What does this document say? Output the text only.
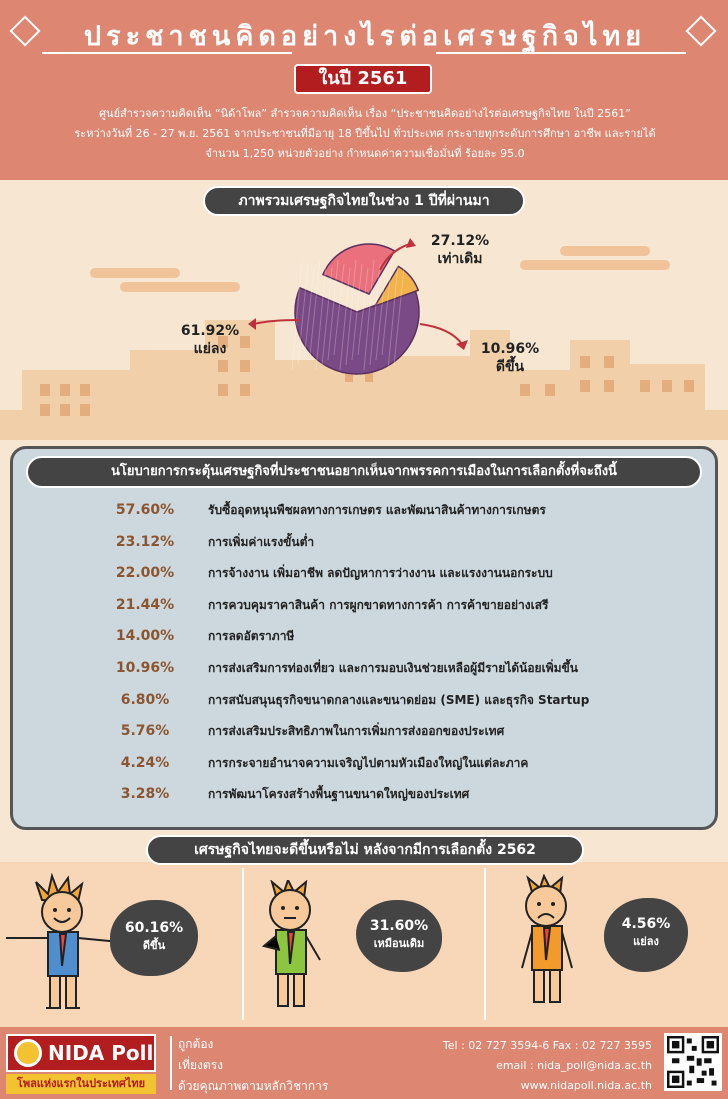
ประชาชนคิดอย่างไรต่อเศรษฐกิจไทย
ในปี 2561
ศูนย์สำรวจความคิดเห็น “นิด้าโพล” สำรวจความคิดเห็น เรื่อง “ประชาชนคิดอย่างไรต่อเศรษฐกิจไทย ในปี 2561”
ระหว่างวันที่ 26 - 27 พ.ย. 2561 จากประชาชนที่มีอายุ 18 ปีขึ้นไป ทั่วประเทศ กระจายทุกระดับการศึกษา อาชีพ และรายได้
จำนวน 1,250 หน่วยตัวอย่าง กำหนดค่าความเชื่อมั่นที่ ร้อยละ 95.0
ภาพรวมเศรษฐกิจไทยในช่วง 1 ปีที่ผ่านมา
27.12%
เท่าเดิม
61.92%
แย่ลง	10.96%
ดีขึ้น
นโยบายการกระตุ้นเศรษฐกิจที่ประชาชนอยากเห็นจากพรรคการเมืองในการเลือกตั้งที่จะถึงนี้
57.60%	รับซื้ออุดหนุนพืชผลทางการเกษตร และพัฒนาสินค้าทางการเกษตร
23.12%	การเพิ่มค่าแรงขั้นต่ำ
22.00%	การจ้างงาน เพิ่มอาชีพ ลดปัญหาการว่างงาน และแรงงานนอกระบบ
21.44%	การควบคุมราคาสินค้า การผูกขาดทางการค้า การค้าขายอย่างเสรี
14.00%	การลดอัตราภาษี
10.96%	การส่งเสริมการท่องเที่ยว และการมอบเงินช่วยเหลือผู้มีรายได้น้อยเพิ่มขึ้น
6.80%	การสนับสนุนธุรกิจขนาดกลางและขนาดย่อม (SME) และธุรกิจ Startup
5.76%	การส่งเสริมประสิทธิภาพในการเพิ่มการส่งออกของประเทศ
4.24%	การกระจายอำนาจความเจริญไปตามหัวเมืองใหญ่ในแต่ละภาค
3.28%	การพัฒนาโครงสร้างพื้นฐานขนาดใหญ่ของประเทศ
เศรษฐกิจไทยจะดีขึ้นหรือไม่ หลังจากมีการเลือกตั้ง 2562
60.16%
ดีขึ้น
31.60%
เหมือนเดิม
4.56%
แย่ลง
NIDA Poll
โพลแห่งแรกในประเทศไทย
ถูกต้อง
เที่ยงตรง
ด้วยคุณภาพตามหลักวิชาการ
Tel : 02 727 3594-6 Fax : 02 727 3595
email : nida_poll@nida.ac.th
www.nidapoll.nida.ac.th
